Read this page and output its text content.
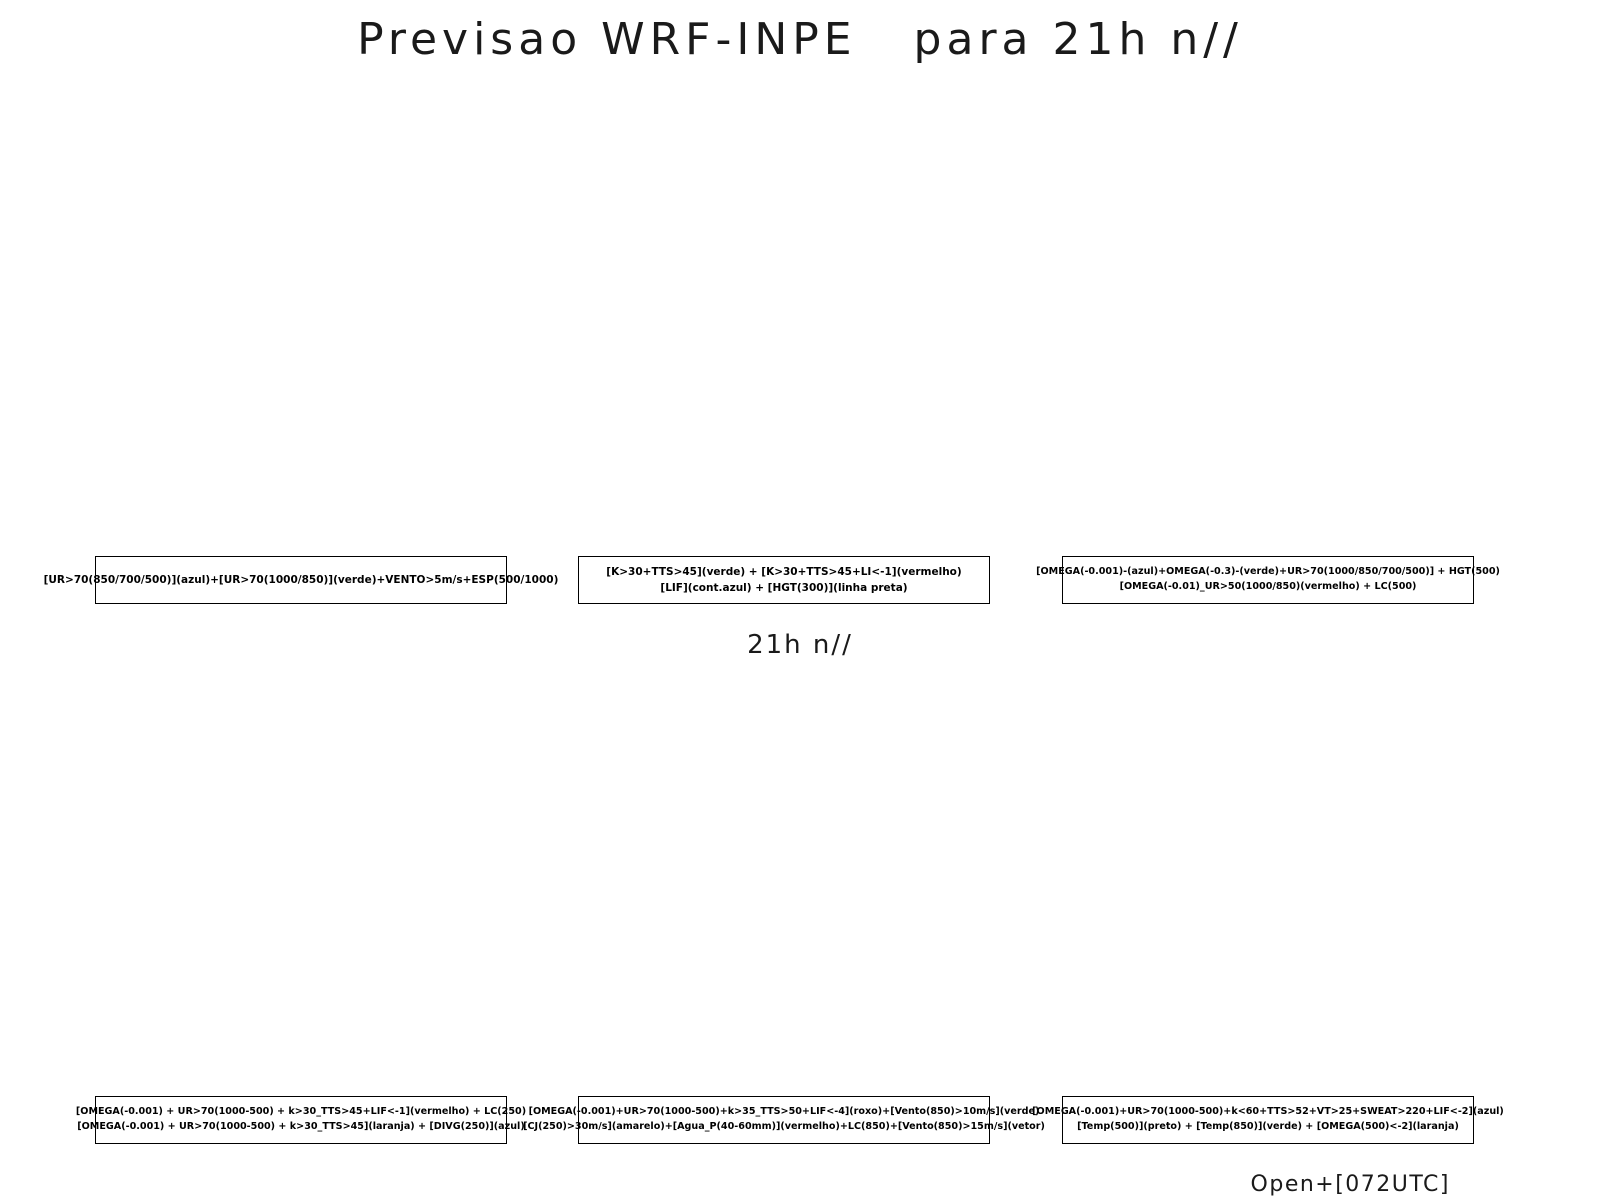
Previsao WRF-INPE   para 21h n//
[UR>70(850/700/500)](azul)+[UR>70(1000/850)](verde)+VENTO>5m/s+ESP(500/1000)
[K>30+TTS>45](verde) + [K>30+TTS>45+LI<-1](vermelho)
[LIF](cont.azul) + [HGT(300)](linha preta)
[OMEGA(-0.001)-(azul)+OMEGA(-0.3)-(verde)+UR>70(1000/850/700/500)] + HGT(500)
[OMEGA(-0.01)_UR>50(1000/850)(vermelho) + LC(500)
21h n//
[OMEGA(-0.001) + UR>70(1000-500) + k>30_TTS>45+LIF<-1](vermelho) + LC(250)
[OMEGA(-0.001) + UR>70(1000-500) + k>30_TTS>45](laranja) + [DIVG(250)](azul)
[OMEGA(-0.001)+UR>70(1000-500)+k>35_TTS>50+LIF<-4](roxo)+[Vento(850)>10m/s](verde)
[CJ(250)>30m/s](amarelo)+[Agua_P(40-60mm)](vermelho)+LC(850)+[Vento(850)>15m/s](vetor)
[OMEGA(-0.001)+UR>70(1000-500)+k<60+TTS>52+VT>25+SWEAT>220+LIF<-2](azul)
[Temp(500)](preto) + [Temp(850)](verde) + [OMEGA(500)<-2](laranja)
Open+[072UTC]
